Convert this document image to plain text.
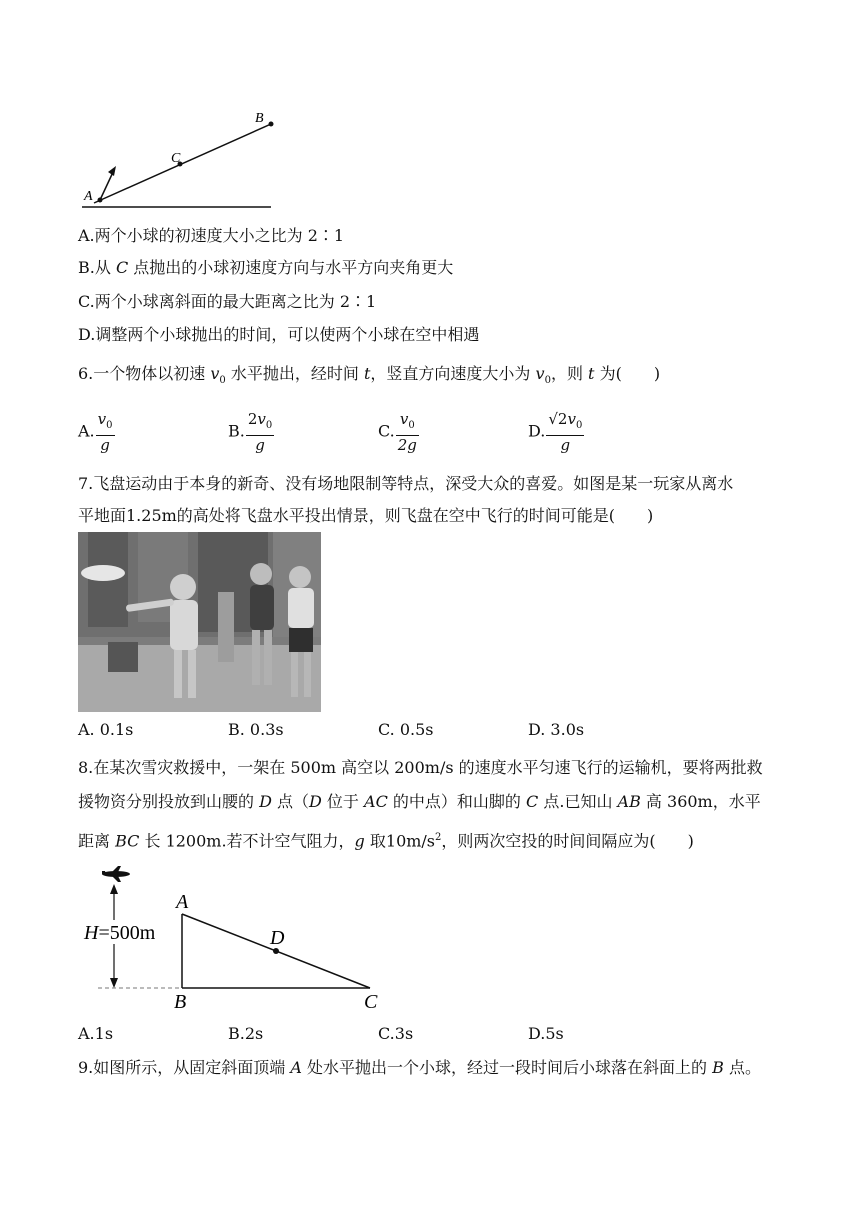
A
C
B
A.两个小球的初速度大小之比为 2∶1
B.从 C 点抛出的小球初速度方向与水平方向夹角更大
C.两个小球离斜面的最大距离之比为 2∶1
D.调整两个小球抛出的时间，可以使两个小球在空中相遇
6.一个物体以初速 $v_0$ 水平抛出，经时间 t，竖直方向速度大小为 $v_0$，则 t 为(　　)
A. $\frac{v_0}{g}$	B. $\frac{2v_0}{g}$	C. $\frac{v_0}{2g}$	D. $\frac{√2v_0}{g}$
7.飞盘运动由于本身的新奇、没有场地限制等特点，深受大众的喜爱。如图是某一玩家从离水
平地面1.25m的高处将飞盘水平投出情景，则飞盘在空中飞行的时间可能是(　　)
A. 0.1s	B. 0.3s	C. 0.5s	D. 3.0s
8.在某次雪灾救援中，一架在 500m 高空以 200m/s 的速度水平匀速飞行的运输机，要将两批救
援物资分别投放到山腰的 D 点（D 位于 AC 的中点）和山脚的 C 点.已知山 AB 高 360m，水平
距离 BC 长 1200m.若不计空气阻力，g 取$10m/s^2$，则两次空投的时间间隔应为(　　)
H=500m
A
B	C
D
A.1s	B.2s	C.3s	D.5s
9.如图所示，从固定斜面顶端 A 处水平抛出一个小球，经过一段时间后小球落在斜面上的 B 点。
